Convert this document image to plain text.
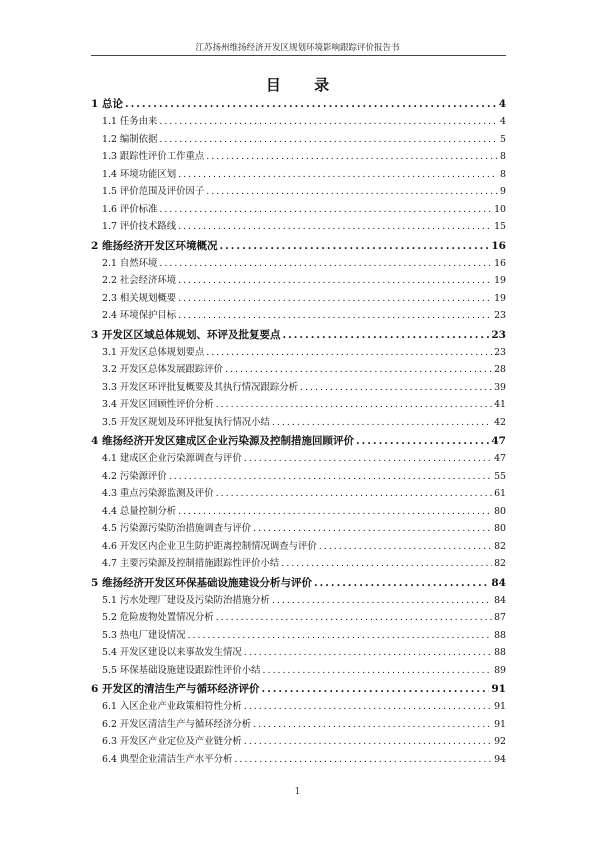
江苏扬州维扬经济开发区规划环境影响跟踪评价报告书
目 录
1 总论 .....	4
1.1 任务由来 .....	4
1.2 编制依据 .....	5
1.3 跟踪性评价工作重点 .....	8
1.4 环境功能区划 .....	8
1.5 评价范围及评价因子 .....	9
1.6 评价标准 .....	10
1.7 评价技术路线 .....	15
2 维扬经济开发区环境概况 .....	16
2.1 自然环境 .....	16
2.2 社会经济环境 .....	19
2.3 相关规划概要 .....	19
2.4 环境保护目标 .....	23
3 开发区区域总体规划、环评及批复要点 .....	23
3.1 开发区总体规划要点 .....	23
3.2 开发区总体发展跟踪评价 .....	28
3.3 开发区环评批复概要及其执行情况跟踪分析 .....	39
3.4 开发区回顾性评价分析 .....	41
3.5 开发区规划及环评批复执行情况小结 .....	42
4 维扬经济开发区建成区企业污染源及控制措施回顾评价 .....	47
4.1 建成区企业污染源调查与评价 .....	47
4.2 污染源评价 .....	55
4.3 重点污染源监测及评价 .....	61
4.4 总量控制分析 .....	80
4.5 污染源污染防治措施调查与评价 .....	80
4.6 开发区内企业卫生防护距离控制情况调查与评价 .....	82
4.7 主要污染源及控制措施跟踪性评价小结 .....	82
5 维扬经济开发区环保基础设施建设分析与评价 .....	84
5.1 污水处理厂建设及污染防治措施分析 .....	84
5.2 危险废物处置情况分析 .....	87
5.3 热电厂建设情况 .....	88
5.4 开发区建设以来事故发生情况 .....	88
5.5 环保基础设施建设跟踪性评价小结 .....	89
6 开发区的清洁生产与循环经济评价 .....	91
6.1 入区企业产业政策相符性分析 .....	91
6.2 开发区清洁生产与循环经济分析 .....	91
6.3 开发区产业定位及产业链分析 .....	92
6.4 典型企业清洁生产水平分析 .....	94
1
